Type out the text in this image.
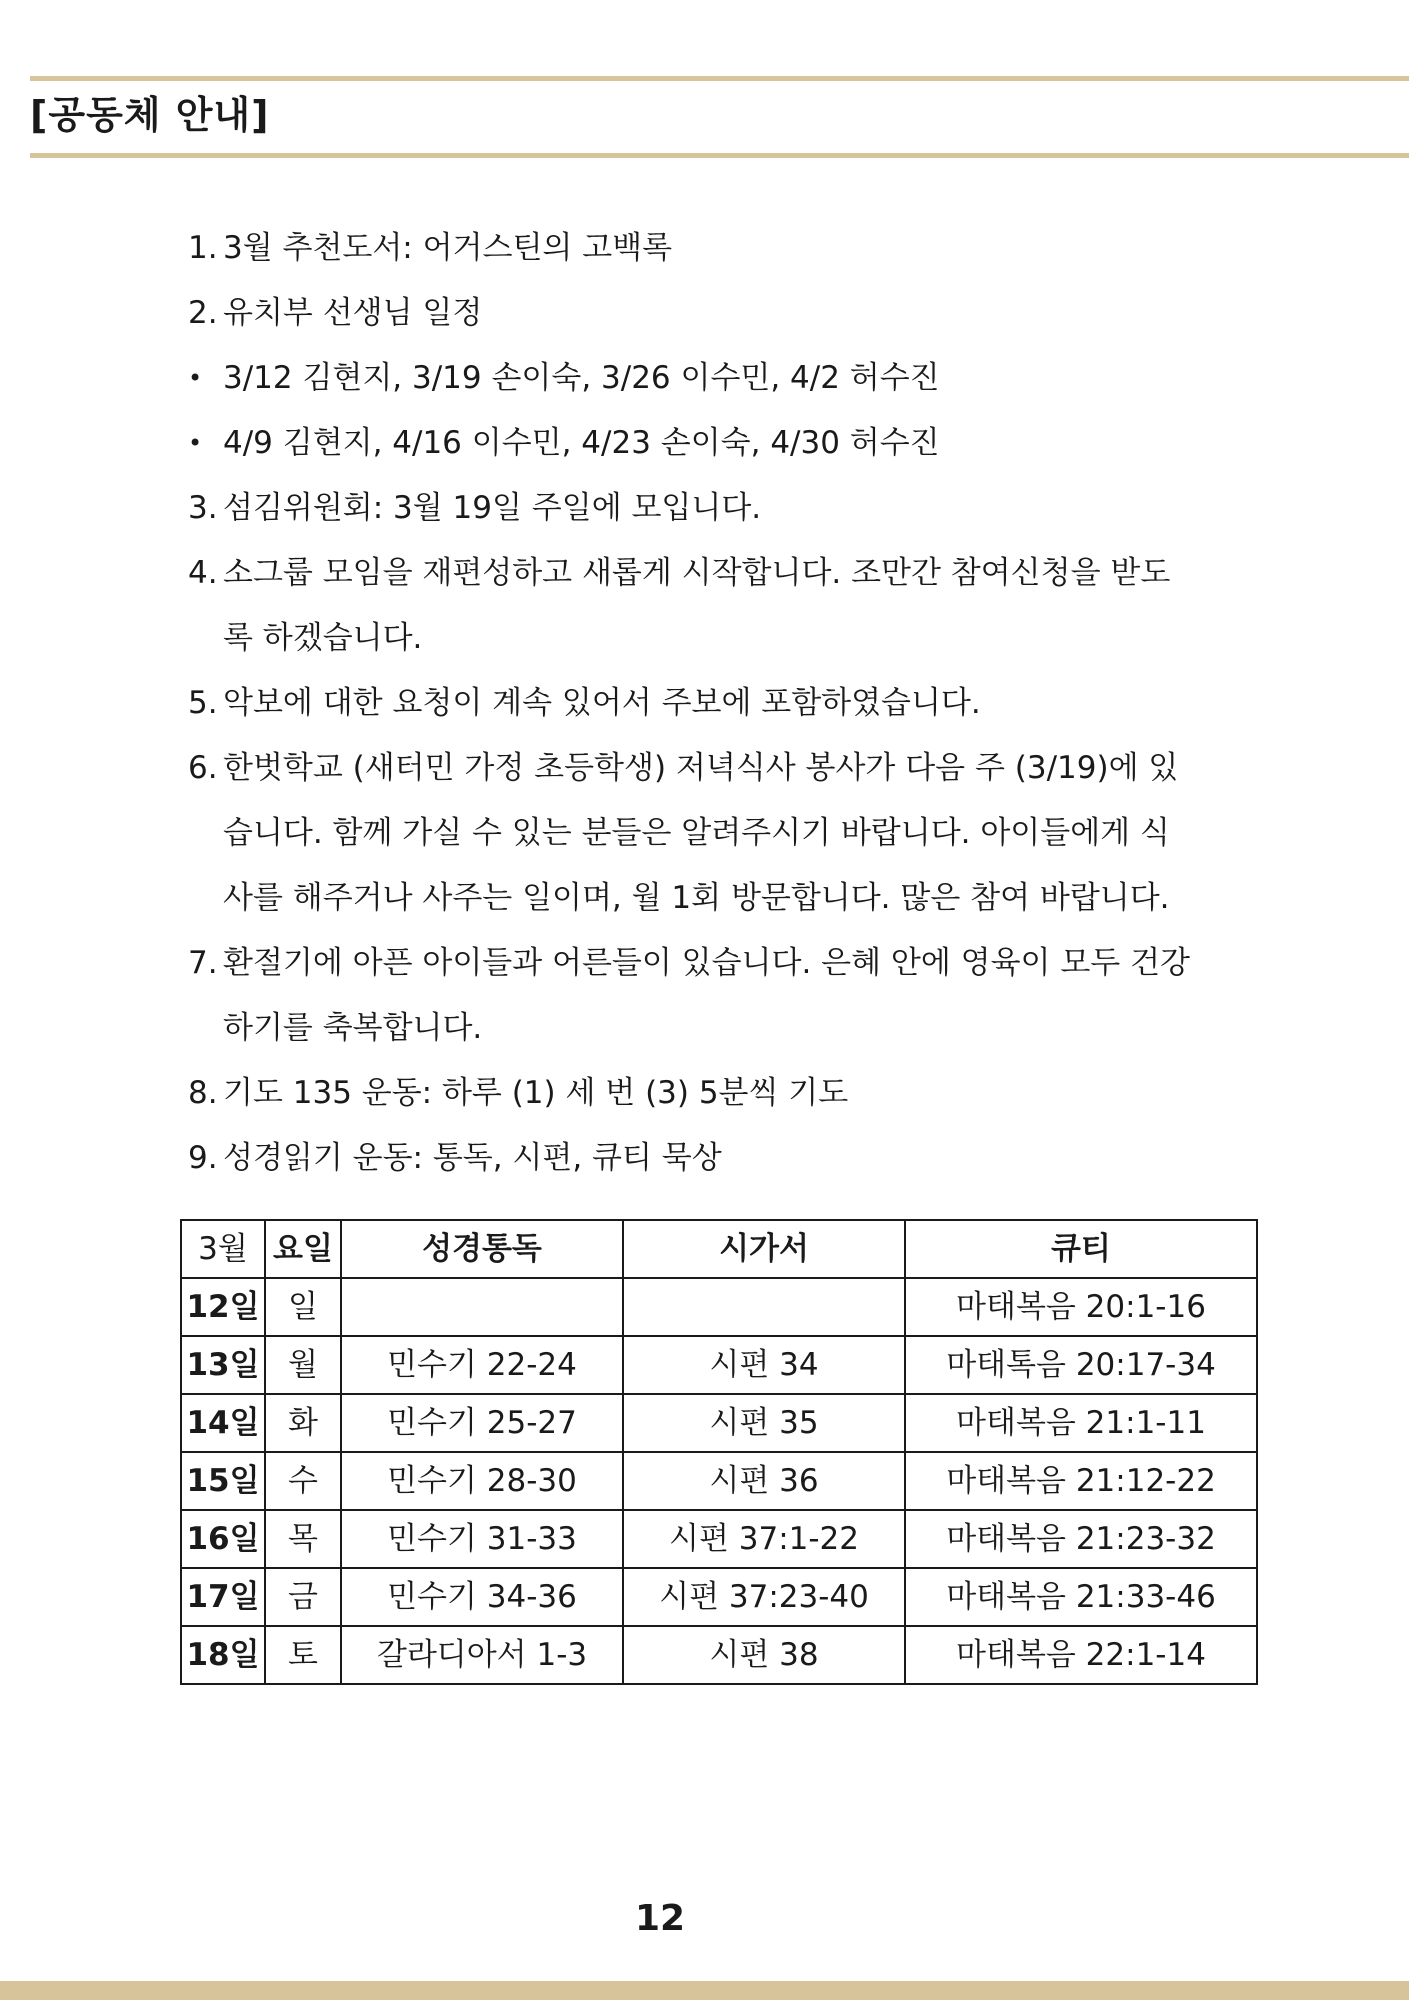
[공동체 안내]
1. 3월 추천도서: 어거스틴의 고백록
2. 유치부 선생님 일정
• 3/12 김현지, 3/19 손이숙, 3/26 이수민, 4/2 허수진
• 4/9 김현지, 4/16 이수민, 4/23 손이숙, 4/30 허수진
3. 섬김위원회: 3월 19일 주일에 모입니다.
4. 소그룹 모임을 재편성하고 새롭게 시작합니다. 조만간 참여신청을 받도
록 하겠습니다.
5. 악보에 대한 요청이 계속 있어서 주보에 포함하였습니다.
6. 한벗학교 (새터민 가정 초등학생) 저녁식사 봉사가 다음 주 (3/19)에 있
습니다. 함께 가실 수 있는 분들은 알려주시기 바랍니다. 아이들에게 식
사를 해주거나 사주는 일이며, 월 1회 방문합니다. 많은 참여 바랍니다.
7. 환절기에 아픈 아이들과 어른들이 있습니다. 은혜 안에 영육이 모두 건강
하기를 축복합니다.
8. 기도 135 운동: 하루 (1) 세 번 (3) 5분씩 기도
9. 성경읽기 운동: 통독, 시편, 큐티 묵상
3월	요일	성경통독	시가서	큐티
12일	일			마태복음 20:1-16
13일	월	민수기 22-24	시편 34	마태톡음 20:17-34
14일	화	민수기 25-27	시편 35	마태복음 21:1-11
15일	수	민수기 28-30	시편 36	마태복음 21:12-22
16일	목	민수기 31-33	시편 37:1-22	마태복음 21:23-32
17일	금	민수기 34-36	시편 37:23-40	마태복음 21:33-46
18일	토	갈라디아서 1-3	시편 38	마태복음 22:1-14
12
